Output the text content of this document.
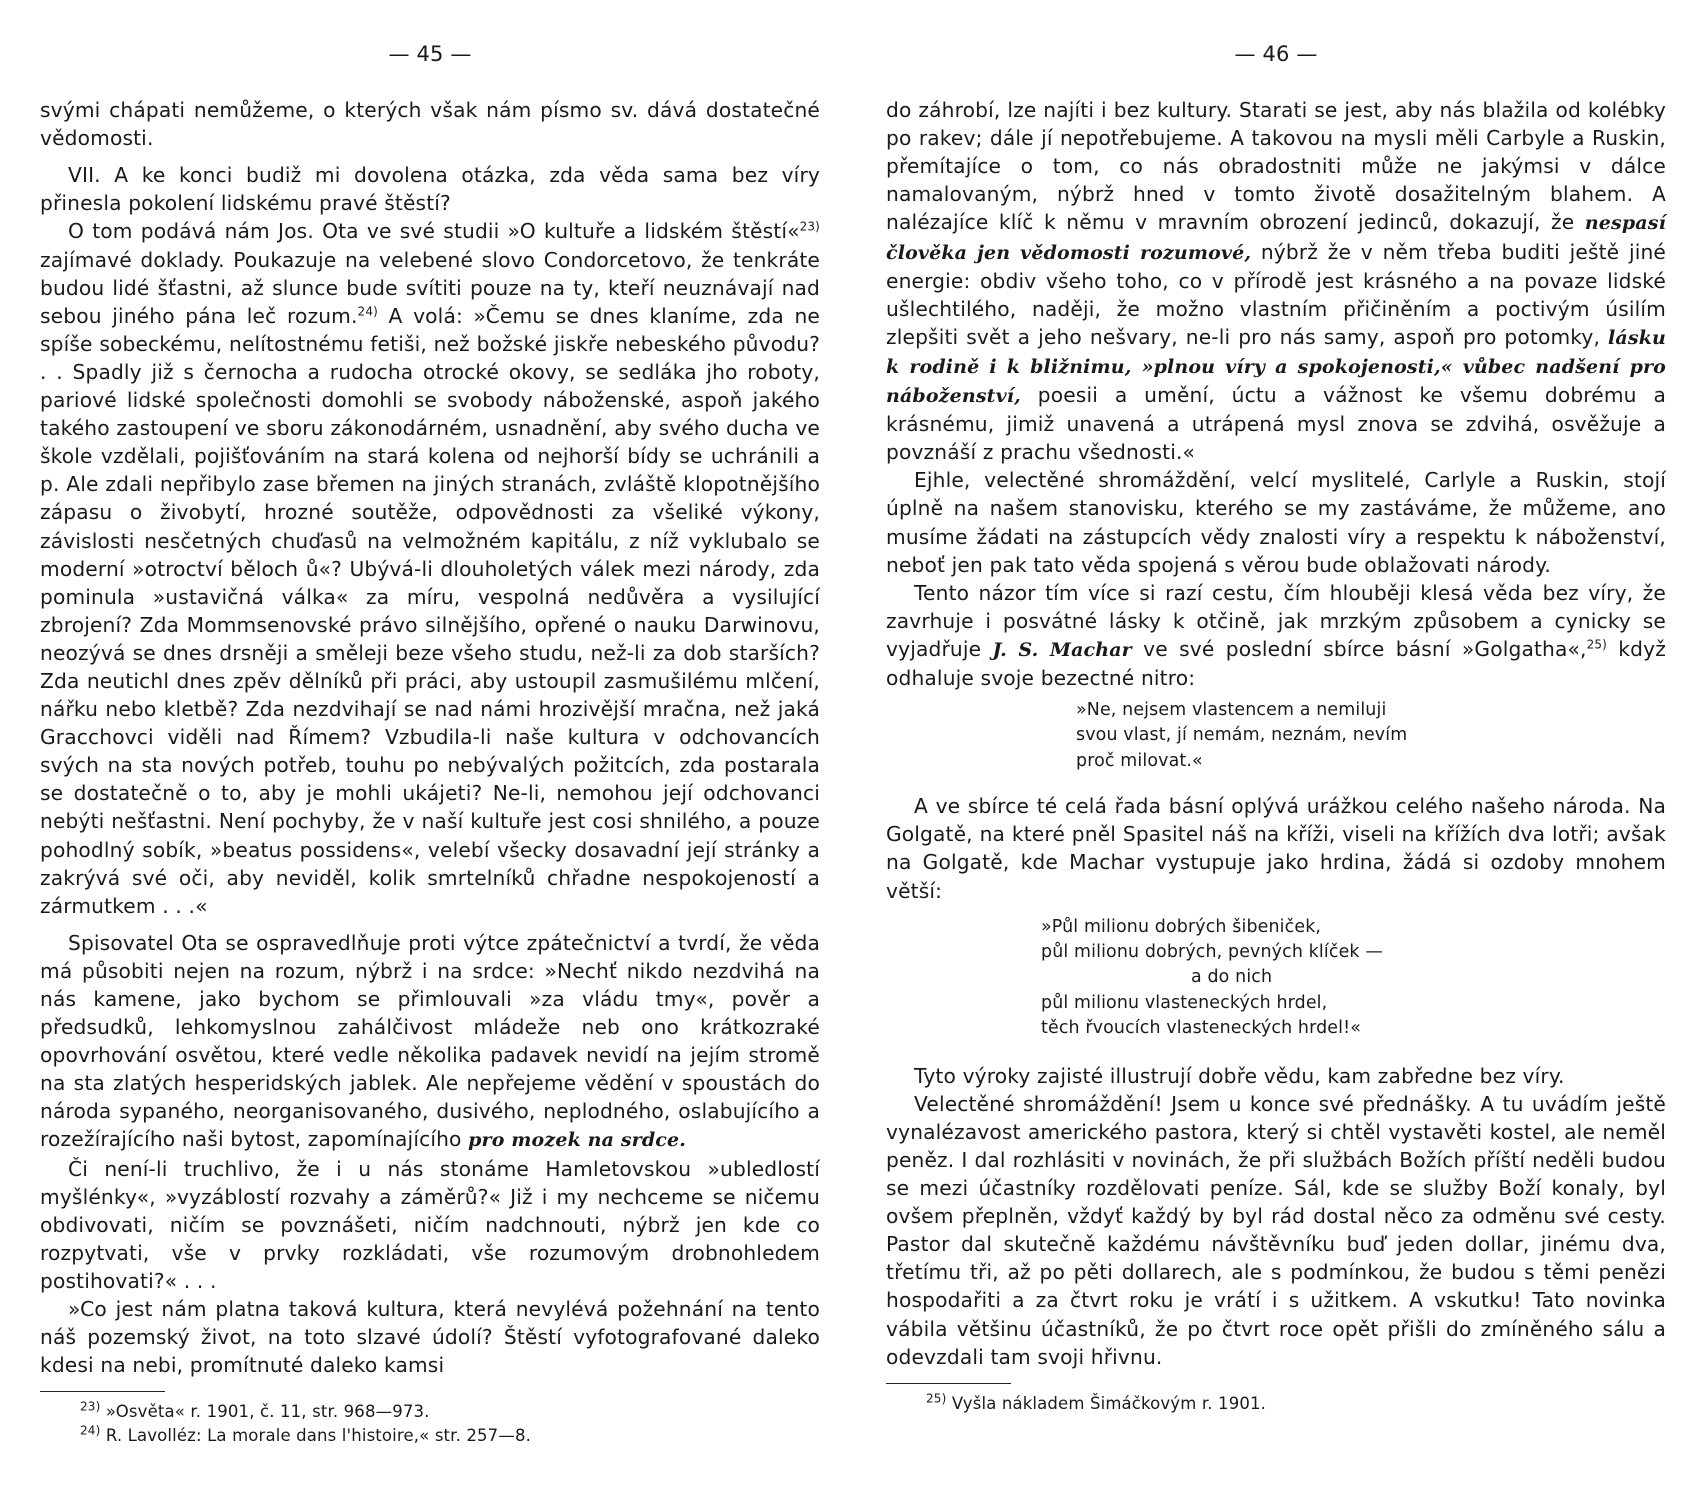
— 45 —

svými chápati nemůžeme, o kterých však nám písmo sv. dává dostatečné vědomosti.

VII. A ke konci budiž mi dovolena otázka, zda věda sama bez víry přinesla pokolení lidskému pravé štěstí?

O tom podává nám Jos. Ota ve své studii »O kultuře a lidském štěstí«$^{23)}$ zajímavé doklady. Poukazuje na velebené slovo Condorcetovo, že tenkráte budou lidé šťastni, až slunce bude svítiti pouze na ty, kteří neuznávají nad sebou jiného pána leč rozum.$^{24)}$ A volá: »Čemu se dnes klaníme, zda ne spíše sobeckému, nelítostnému fetiši, než božské jiskře nebeského původu? . . Spadly již s černocha a rudocha otrocké okovy, se sedláka jho roboty, pariové lidské společnosti domohli se svobody náboženské, aspoň jakého takého zastoupení ve sboru zákonodárném, usnadnění, aby svého ducha ve škole vzdělali, pojišťováním na stará kolena od nejhorší bídy se uchránili a p. Ale zdali nepřibylo zase břemen na jiných stranách, zvláště klopotnějšího zápasu o živobytí, hrozné soutěže, odpovědnosti za všeliké výkony, závislosti nesčetných chuďasů na velmožném kapitálu, z níž vyklubalo se moderní »otroctví běloch ů«? Ubývá-li dlouholetých válek mezi národy, zda pominula »ustavičná válka« za míru, vespolná nedůvěra a vysilující zbrojení? Zda Mommsenovské právo silnějšího, opřené o nauku Darwinovu, neozývá se dnes drsněji a směleji beze všeho studu, než-li za dob starších? Zda neutichl dnes zpěv dělníků při práci, aby ustoupil zasmušilému mlčení, nářku nebo kletbě? Zda nezdvihají se nad námi hrozivější mračna, než jaká Gracchovci viděli nad Římem? Vzbudila-li naše kultura v odchovancích svých na sta nových potřeb, touhu po nebývalých požitcích, zda postarala se dostatečně o to, aby je mohli ukájeti? Ne-li, nemohou její odchovanci nebýti nešťastni. Není pochyby, že v naší kultuře jest cosi shnilého, a pouze pohodlný sobík, »beatus possidens«, velebí všecky dosavadní její stránky a zakrývá své oči, aby neviděl, kolik smrtelníků chřadne nespokojeností a zármutkem . . .«

Spisovatel Ota se ospravedlňuje proti výtce zpátečnictví a tvrdí, že věda má působiti nejen na rozum, nýbrž i na srdce: »Nechť nikdo nezdvihá na nás kamene, jako bychom se přimlouvali »za vládu tmy«, pověr a předsudků, lehkomyslnou zahálčivost mládeže neb ono krátkozraké opovrhování osvětou, které vedle několika padavek nevidí na jejím stromě na sta zlatých hesperidských jablek. Ale nepřejeme vědění v spoustách do národa sypaného, neorganisovaného, dusivého, neplodného, oslabujícího a rozežírajícího naši bytost, zapomínajícího pro mozek na srdce.

Či není-li truchlivo, že i u nás stonáme Hamletovskou »ubledlostí myšlénky«, »vyzáblostí rozvahy a záměrů?« Již i my nechceme se ničemu obdivovati, ničím se povznášeti, ničím nadchnouti, nýbrž jen kde co rozpytvati, vše v prvky rozkládati, vše rozumovým drobnohledem postihovati?« . . .

»Co jest nám platna taková kultura, která nevylévá požehnání na tento náš pozemský život, na toto slzavé údolí? Štěstí vyfotografované daleko kdesi na nebi, promítnuté daleko kamsi

$^{23)}$ »Osvěta« r. 1901, č. 11, str. 968—973.
$^{24)}$ R. Lavolléz: La morale dans l'histoire,« str. 257—8.
— 46 —

do záhrobí, lze najíti i bez kultury. Starati se jest, aby nás blažila od kolébky po rakev; dále jí nepotřebujeme. A takovou na mysli měli Carbyle a Ruskin, přemítajíce o tom, co nás obradostniti může ne jakýmsi v dálce namalovaným, nýbrž hned v tomto životě dosažitelným blahem. A nalézajíce klíč k němu v mravním obrození jedinců, dokazují, že nespasí člověka jen vědomosti rozumové, nýbrž že v něm třeba buditi ještě jiné energie: obdiv všeho toho, co v přírodě jest krásného a na povaze lidské ušlechtilého, naději, že možno vlastním přičiněním a poctivým úsilím zlepšiti svět a jeho nešvary, ne-li pro nás samy, aspoň pro potomky, lásku k rodině i k bližnimu, »plnou víry a spokojenosti,« vůbec nadšení pro náboženství, poesii a umění, úctu a vážnost ke všemu dobrému a krásnému, jimiž unavená a utrápená mysl znova se zdvihá, osvěžuje a povznáší z prachu všednosti.«

Ejhle, velectěné shromáždění, velcí myslitelé, Carlyle a Ruskin, stojí úplně na našem stanovisku, kterého se my zastáváme, že můžeme, ano musíme žádati na zástupcích vědy znalosti víry a respektu k náboženství, neboť jen pak tato věda spojená s věrou bude oblažovati národy.

Tento názor tím více si razí cestu, čím hlouběji klesá věda bez víry, že zavrhuje i posvátné lásky k otčině, jak mrzkým způsobem a cynicky se vyjadřuje J. S. Machar ve své poslední sbírce básní »Golgatha«,$^{25)}$ když odhaluje svoje bezectné nitro:

»Ne, nejsem vlastencem a nemiluji
svou vlast, jí nemám, neznám, nevím
proč milovat.«

A ve sbírce té celá řada básní oplývá urážkou celého našeho národa. Na Golgatě, na které pněl Spasitel náš na kříži, viseli na křížích dva lotři; avšak na Golgatě, kde Machar vystupuje jako hrdina, žádá si ozdoby mnohem větší:

»Půl milionu dobrých šibeniček,
půl milionu dobrých, pevných klíček —
a do nich
půl milionu vlasteneckých hrdel,
těch řvoucích vlasteneckých hrdel!«

Tyto výroky zajisté illustrují dobře vědu, kam zabředne bez víry.

Velectěné shromáždění! Jsem u konce své přednášky. A tu uvádím ještě vynalézavost amerického pastora, který si chtěl vystavěti kostel, ale neměl peněz. I dal rozhlásiti v novinách, že při službách Božích příští neděli budou se mezi účastníky rozdělovati peníze. Sál, kde se služby Boží konaly, byl ovšem přeplněn, vždyť každý by byl rád dostal něco za odměnu své cesty. Pastor dal skutečně každému návštěvníku buď jeden dollar, jinému dva, třetímu tři, až po pěti dollarech, ale s podmínkou, že budou s těmi penězi hospodařiti a za čtvrt roku je vrátí i s užitkem. A vskutku! Tato novinka vábila většinu účastníků, že po čtvrt roce opět přišli do zmíněného sálu a odevzdali tam svoji hřivnu.

$^{25)}$ Vyšla nákladem Šimáčkovým r. 1901.
